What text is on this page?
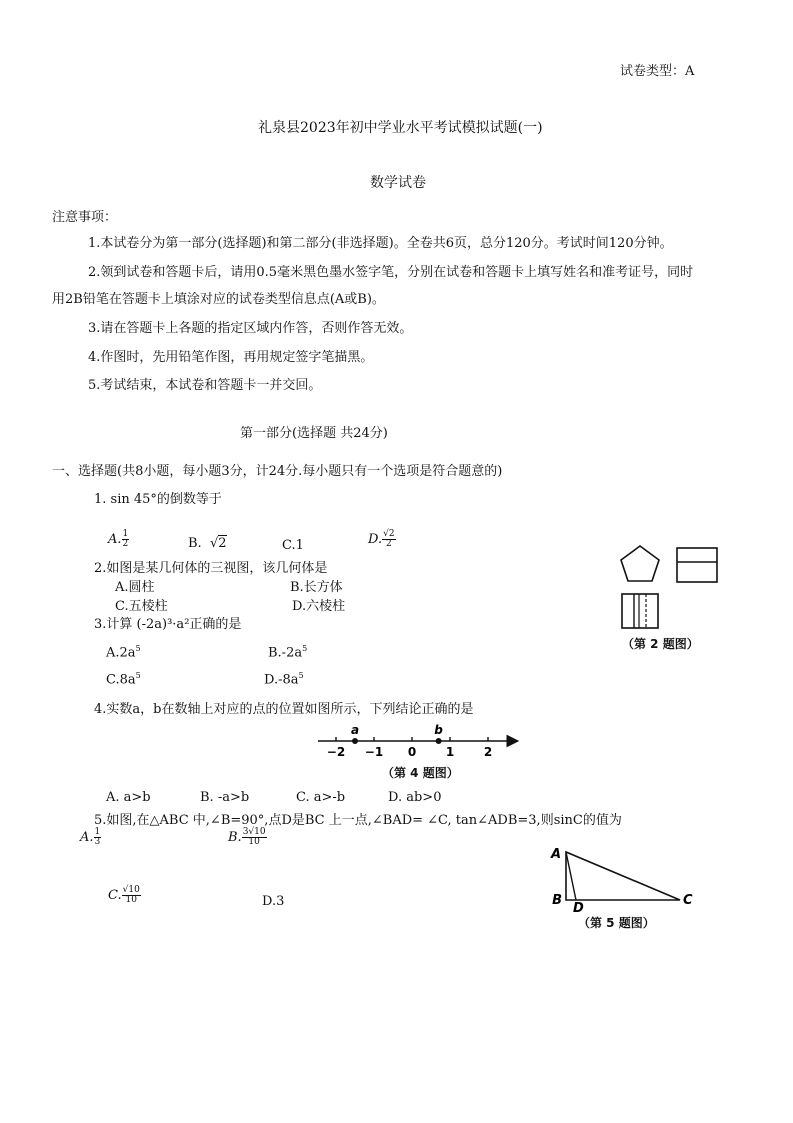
试卷类型：A
礼泉县2023年初中学业水平考试模拟试题(一)
数学试卷
注意事项：
1.本试卷分为第一部分(选择题)和第二部分(非选择题)。全卷共6页，总分120分。考试时间120分钟。
2.领到试卷和答题卡后，请用0.5毫米黑色墨水签字笔，分别在试卷和答题卡上填写姓名和准考证号，同时
用2B铅笔在答题卡上填涂对应的试卷类型信息点(A或B)。
3.请在答题卡上各题的指定区域内作答，否则作答无效。
4.作图时，先用铅笔作图，再用规定签字笔描黑。
5.考试结束，本试卷和答题卡一并交回。
第一部分(选择题 共24分)
一、选择题(共8小题，每小题3分，计24分.每小题只有一个选项是符合题意的)
1. sin 45°的倒数等于
A. $\frac{1}{2}$	B.  √2	C.1	D. $\frac{√2}{2}$
2.如图是某几何体的三视图，该几何体是
A.圆柱	B.长方体
C.五棱柱	D.六棱柱
（第 2 题图）
3.计算 (-2a)³·a²正确的是
$A.2a^5$	$B.-2a^5$
$C.8a^5$	$D.-8a^5$
4.实数a，b在数轴上对应的点的位置如图所示，下列结论正确的是
−2 −1 0 1 2
a	b
（第 4 题图）
A. a>b	B. -a>b	C. a>-b	D. ab>0
5.如图,在△ABC 中,∠B=90°,点D是BC 上一点,∠BAD= ∠C, tan∠ADB=3,则sinC的值为
A. $\frac{1}{3}$	B. $\frac{3√10}{10}$
C. $\frac{√10}{10}$	D.3
A
B
D
C
（第 5 题图）
